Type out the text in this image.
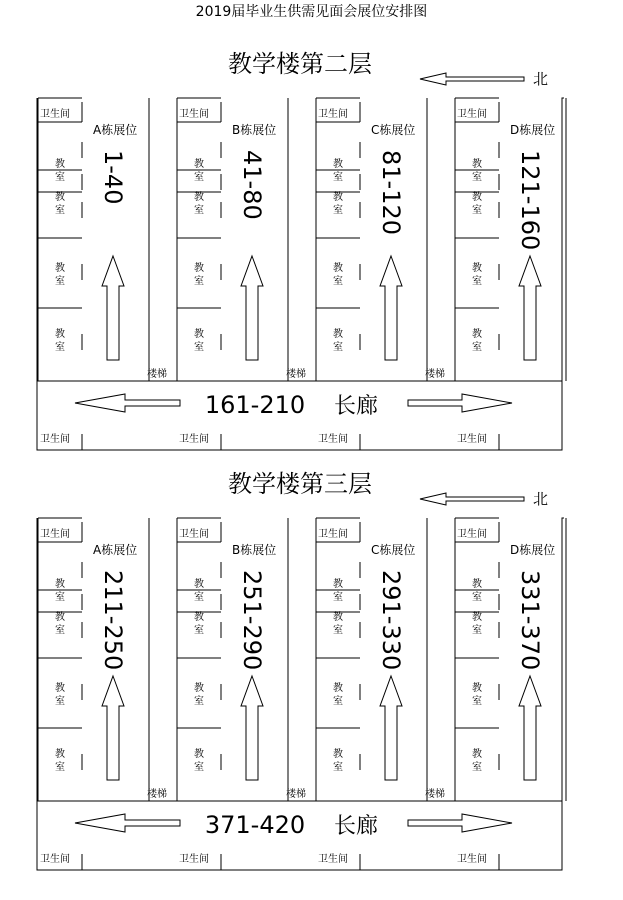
2019届毕业生供需见面会展位安排图
教学楼第二层
北
卫生间	卫生间	卫生间	卫生间
卫生间
教
室
教
室
教
室
教
室
A栋展位
1-40
卫生间
教
室
教
室
教
室
教
室
B栋展位
41-80
楼梯
卫生间
教
室
教
室
教
室
教
室
C栋展位
81-120
楼梯
卫生间
教
室
教
室
教
室
教
室
D栋展位
121-160
楼梯
161-210 长廊
教学楼第三层
北
卫生间	卫生间	卫生间	卫生间
卫生间
教
室
教
室
教
室
教
室
A栋展位
211-250
卫生间
教
室
教
室
教
室
教
室
B栋展位
251-290
楼梯
卫生间
教
室
教
室
教
室
教
室
C栋展位
291-330
楼梯
卫生间
教
室
教
室
教
室
教
室
D栋展位
331-370
楼梯
371-420 长廊
